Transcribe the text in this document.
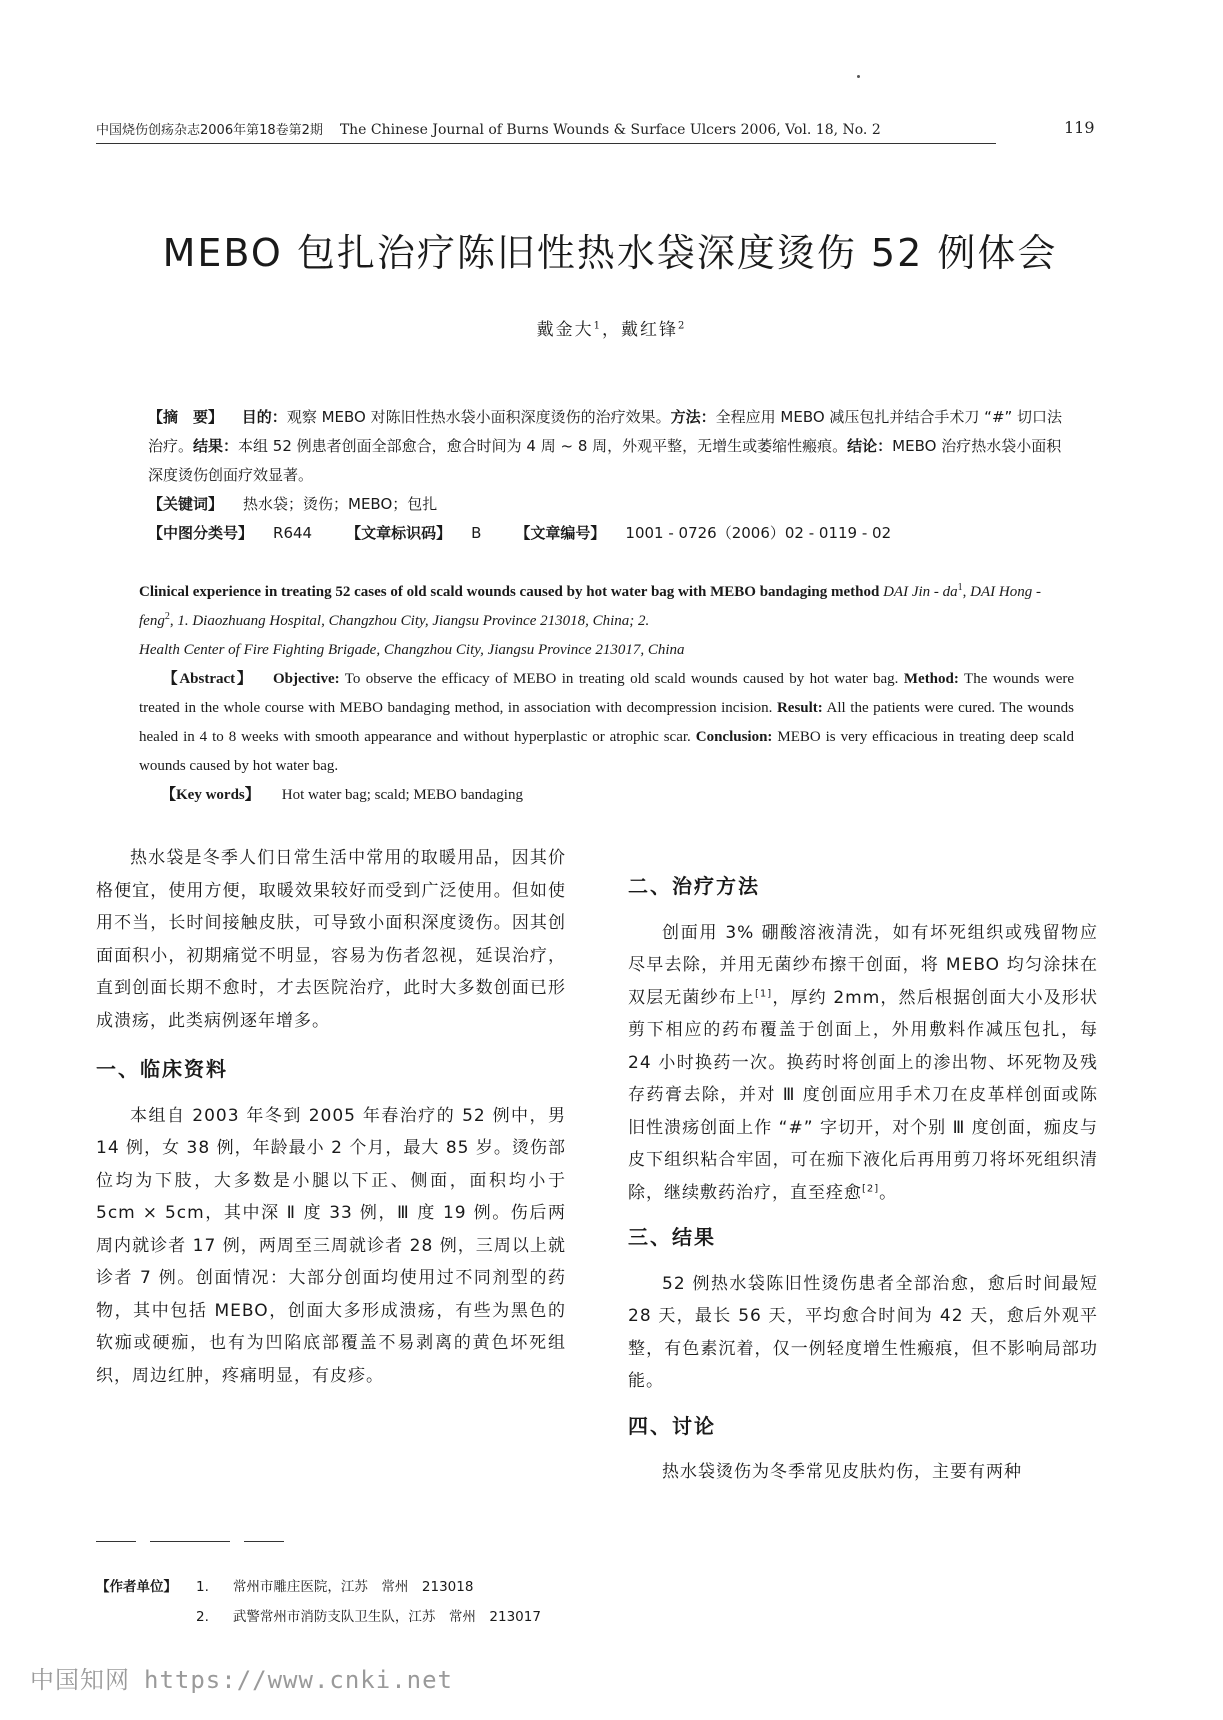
中国烧伤创疡杂志2006年第18卷第2期 The Chinese Journal of Burns Wounds & Surface Ulcers 2006, Vol. 18, No. 2	119
MEBO 包扎治疗陈旧性热水袋深度烫伤 52 例体会
戴金大$^1$，戴红锋$^2$
【摘　要】 目的：观察 MEBO 对陈旧性热水袋小面积深度烫伤的治疗效果。方法：全程应用 MEBO 减压包扎并结合手术刀 “#” 切口法治疗。结果：本组 52 例患者创面全部愈合，愈合时间为 4 周 ~ 8 周，外观平整，无增生或萎缩性瘢痕。结论：MEBO 治疗热水袋小面积深度烫伤创面疗效显著。
【关键词】 热水袋；烫伤；MEBO；包扎
【中图分类号】 R644 【文章标识码】 B 【文章编号】 1001 - 0726（2006）02 - 0119 - 02
Clinical experience in treating 52 cases of old scald wounds caused by hot water bag with MEBO bandaging method DAI Jin - $da^1$, DAI Hong - feng$^2$, 1. Diaozhuang Hospital, Changzhou City, Jiangsu Province 213018, China; 2.
Health Center of Fire Fighting Brigade, Changzhou City, Jiangsu Province 213017, China
【Abstract】 Objective: To observe the efficacy of MEBO in treating old scald wounds caused by hot water bag. Method: The wounds were treated in the whole course with MEBO bandaging method, in association with decompression incision. Result: All the patients were cured. The wounds healed in 4 to 8 weeks with smooth appearance and without hyperplastic or atrophic scar. Conclusion: MEBO is very efficacious in treating deep scald wounds caused by hot water bag.
【Key words】 Hot water bag; scald; MEBO bandaging

热水袋是冬季人们日常生活中常用的取暖用品，因其价格便宜，使用方便，取暖效果较好而受到广泛使用。但如使用不当，长时间接触皮肤，可导致小面积深度烫伤。因其创面面积小，初期痛觉不明显，容易为伤者忽视，延误治疗，直到创面长期不愈时，才去医院治疗，此时大多数创面已形成溃疡，此类病例逐年增多。

一、临床资料

本组自 2003 年冬到 2005 年春治疗的 52 例中，男 14 例，女 38 例，年龄最小 2 个月，最大 85 岁。烫伤部位均为下肢，大多数是小腿以下正、侧面，面积均小于 5cm × 5cm，其中深 Ⅱ 度 33 例，Ⅲ 度 19 例。伤后两周内就诊者 17 例，两周至三周就诊者 28 例，三周以上就诊者 7 例。创面情况：大部分创面均使用过不同剂型的药物，其中包括 MEBO，创面大多形成溃疡，有些为黑色的软痂或硬痂，也有为凹陷底部覆盖不易剥离的黄色坏死组织，周边红肿，疼痛明显，有皮疹。

二、治疗方法

创面用 3% 硼酸溶液清洗，如有坏死组织或残留物应尽早去除，并用无菌纱布擦干创面，将 MEBO 均匀涂抹在双层无菌纱布上[1]，厚约 2mm，然后根据创面大小及形状剪下相应的药布覆盖于创面上，外用敷料作减压包扎，每 24 小时换药一次。换药时将创面上的渗出物、坏死物及残存药膏去除，并对 Ⅲ 度创面应用手术刀在皮革样创面或陈旧性溃疡创面上作 “#” 字切开，对个别 Ⅲ 度创面，痂皮与皮下组织粘合牢固，可在痂下液化后再用剪刀将坏死组织清除，继续敷药治疗，直至痊愈[2]。

三、结果

52 例热水袋陈旧性烫伤患者全部治愈，愈后时间最短 28 天，最长 56 天，平均愈合时间为 42 天，愈后外观平整，有色素沉着，仅一例轻度增生性瘢痕，但不影响局部功能。

四、讨论

热水袋烫伤为冬季常见皮肤灼伤，主要有两种

【作者单位】 1. 常州市雕庄医院，江苏　常州　213018
2. 武警常州市消防支队卫生队，江苏　常州　213017
中国知网 https://www.cnki.net
